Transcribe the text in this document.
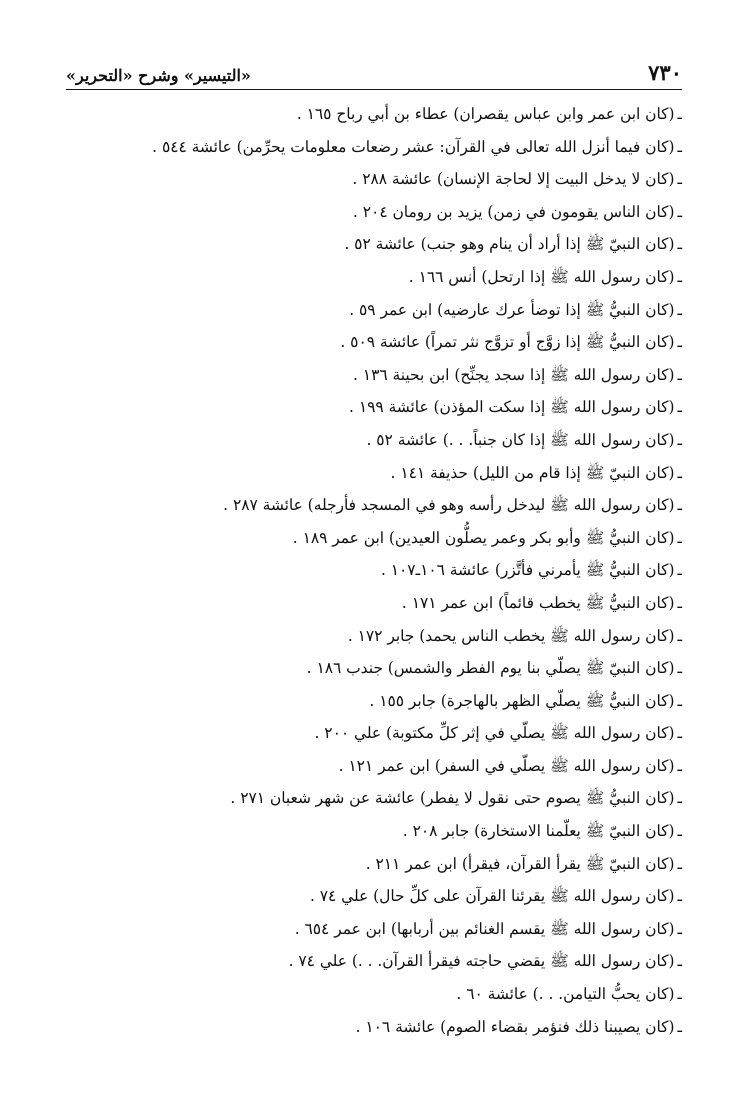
٧٣٠
«التيسير» وشرح «التحرير»
ـ(كان ابن عمر وابن عباس يقصران) عطاء بن أبي رباح ١٦٥ .
ـ(كان فيما أنزل الله تعالى في القرآن: عشر رضعات معلومات يحرِّمن) عائشة ٥٤٤ .
ـ(كان لا يدخل البيت إلا لحاجة الإنسان) عائشة ٢٨٨ .
ـ(كان الناس يقومون في زمن) يزيد بن رومان ٢٠٤ .
ـ(كان النبيّ ﷺ إذا أراد أن ينام وهو جنب) عائشة ٥٢ .
ـ(كان رسول الله ﷺ إذا ارتحل) أنس ١٦٦ .
ـ(كان النبيُّ ﷺ إذا توضأ عرك عارضيه) ابن عمر ٥٩ .
ـ(كان النبيُّ ﷺ إذا زوَّج أو تزوَّج نثر تمراً) عائشة ٥٠٩ .
ـ(كان رسول الله ﷺ إذا سجد يجنِّح) ابن بحينة ١٣٦ .
ـ(كان رسول الله ﷺ إذا سكت المؤذن) عائشة ١٩٩ .
ـ(كان رسول الله ﷺ إذا كان جنباً. . .) عائشة ٥٢ .
ـ(كان النبيّ ﷺ إذا قام من الليل) حذيفة ١٤١ .
ـ(كان رسول الله ﷺ ليدخل رأسه وهو في المسجد فأرجله) عائشة ٢٨٧ .
ـ(كان النبيُّ ﷺ وأبو بكر وعمر يصلُّون العيدين) ابن عمر ١٨٩ .
ـ(كان النبيُّ ﷺ يأمرني فأتَّزر) عائشة ١٠٦ـ١٠٧ .
ـ(كان النبيُّ ﷺ يخطب قائماً) ابن عمر ١٧١ .
ـ(كان رسول الله ﷺ يخطب الناس يحمد) جابر ١٧٢ .
ـ(كان النبيّ ﷺ يصلّي بنا يوم الفطر والشمس) جندب ١٨٦ .
ـ(كان النبيُّ ﷺ يصلّي الظهر بالهاجرة) جابر ١٥٥ .
ـ(كان رسول الله ﷺ يصلّي في إثر كلِّ مكتوبة) علي ٢٠٠ .
ـ(كان رسول الله ﷺ يصلّي في السفر) ابن عمر ١٢١ .
ـ(كان النبيُّ ﷺ يصوم حتى نقول لا يفطر) عائشة عن شهر شعبان ٢٧١ .
ـ(كان النبيّ ﷺ يعلّمنا الاستخارة) جابر ٢٠٨ .
ـ(كان النبيّ ﷺ يقرأ القرآن، فيقرأ) ابن عمر ٢١١ .
ـ(كان رسول الله ﷺ يقرئنا القرآن على كلِّ حال) علي ٧٤ .
ـ(كان رسول الله ﷺ يقسم الغنائم بين أربابها) ابن عمر ٦٥٤ .
ـ(كان رسول الله ﷺ يقضي حاجته فيقرأ القرآن. . .) علي ٧٤ .
ـ(كان يحبُّ التيامن. . .) عائشة ٦٠ .
ـ(كان يصيبنا ذلك فنؤمر بقضاء الصوم) عائشة ١٠٦ .
